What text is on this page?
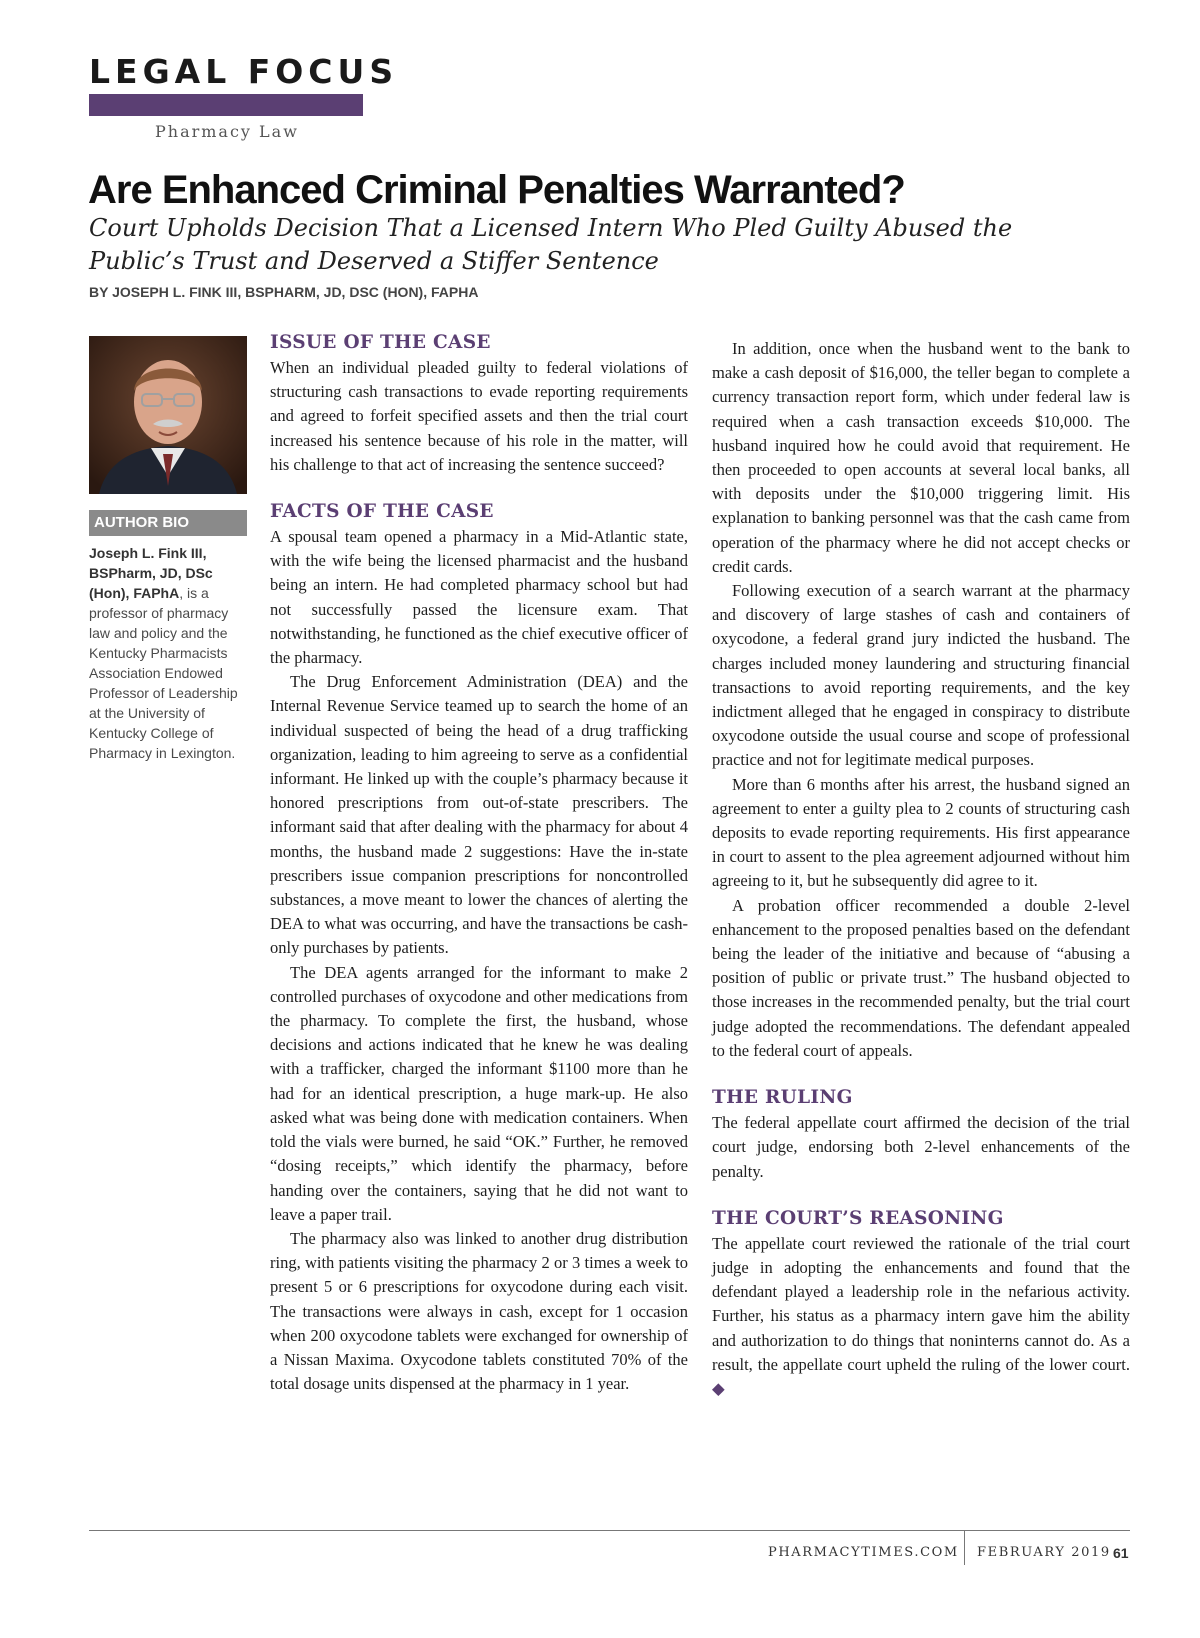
LEGAL FOCUS
Pharmacy Law
Are Enhanced Criminal Penalties Warranted?

Court Upholds Decision That a Licensed Intern Who Pled Guilty Abused the Public’s Trust and Deserved a Stiffer Sentence

BY JOSEPH L. FINK III, BSPHARM, JD, DSC (HON), FAPHA
AUTHOR BIO

Joseph L. Fink III, BSPharm, JD, DSc (Hon), FAPhA, is a professor of pharmacy law and policy and the Kentucky Pharmacists Association Endowed Professor of Leadership at the University of Kentucky College of Pharmacy in Lexington.

ISSUE OF THE CASE

When an individual pleaded guilty to federal violations of structuring cash transactions to evade reporting requirements and agreed to forfeit specified assets and then the trial court increased his sentence because of his role in the matter, will his challenge to that act of increasing the sentence succeed?

FACTS OF THE CASE

A spousal team opened a pharmacy in a Mid-Atlantic state, with the wife being the licensed pharmacist and the husband being an intern. He had completed pharmacy school but had not successfully passed the licensure exam. That notwithstanding, he functioned as the chief executive officer of the pharmacy.

The Drug Enforcement Administration (DEA) and the Internal Revenue Service teamed up to search the home of an individual suspected of being the head of a drug trafficking organization, leading to him agreeing to serve as a confidential informant. He linked up with the couple’s pharmacy because it honored prescriptions from out-of-state prescribers. The informant said that after dealing with the pharmacy for about 4 months, the husband made 2 suggestions: Have the in-state prescribers issue companion prescriptions for noncontrolled substances, a move meant to lower the chances of alerting the DEA to what was occurring, and have the transactions be cash-only purchases by patients.

The DEA agents arranged for the informant to make 2 controlled purchases of oxycodone and other medications from the pharmacy. To complete the first, the husband, whose decisions and actions indicated that he knew he was dealing with a trafficker, charged the informant $1100 more than he had for an identical prescription, a huge mark-up. He also asked what was being done with medication containers. When told the vials were burned, he said “OK.” Further, he removed “dosing receipts,” which identify the pharmacy, before handing over the containers, saying that he did not want to leave a paper trail.

The pharmacy also was linked to another drug distribution ring, with patients visiting the pharmacy 2 or 3 times a week to present 5 or 6 prescriptions for oxycodone during each visit. The transactions were always in cash, except for 1 occasion when 200 oxycodone tablets were exchanged for ownership of a Nissan Maxima. Oxycodone tablets constituted 70% of the total dosage units dispensed at the pharmacy in 1 year.

In addition, once when the husband went to the bank to make a cash deposit of $16,000, the teller began to complete a currency transaction report form, which under federal law is required when a cash transaction exceeds $10,000. The husband inquired how he could avoid that requirement. He then proceeded to open accounts at several local banks, all with deposits under the $10,000 triggering limit. His explanation to banking personnel was that the cash came from operation of the pharmacy where he did not accept checks or credit cards.

Following execution of a search warrant at the pharmacy and discovery of large stashes of cash and containers of oxycodone, a federal grand jury indicted the husband. The charges included money laundering and structuring financial transactions to avoid reporting requirements, and the key indictment alleged that he engaged in conspiracy to distribute oxycodone outside the usual course and scope of professional practice and not for legitimate medical purposes.

More than 6 months after his arrest, the husband signed an agreement to enter a guilty plea to 2 counts of structuring cash deposits to evade reporting requirements. His first appearance in court to assent to the plea agreement adjourned without him agreeing to it, but he subsequently did agree to it.

A probation officer recommended a double 2-level enhancement to the proposed penalties based on the defendant being the leader of the initiative and because of “abusing a position of public or private trust.” The husband objected to those increases in the recommended penalty, but the trial court judge adopted the recommendations. The defendant appealed to the federal court of appeals.

THE RULING

The federal appellate court affirmed the decision of the trial court judge, endorsing both 2-level enhancements of the penalty.

THE COURT’S REASONING

The appellate court reviewed the rationale of the trial court judge in adopting the enhancements and found that the defendant played a leadership role in the nefarious activity. Further, his status as a pharmacy intern gave him the ability and authorization to do things that noninterns cannot do. As a result, the appellate court upheld the ruling of the lower court. ◆

PHARMACYTIMES.COM FEBRUARY 2019 61
